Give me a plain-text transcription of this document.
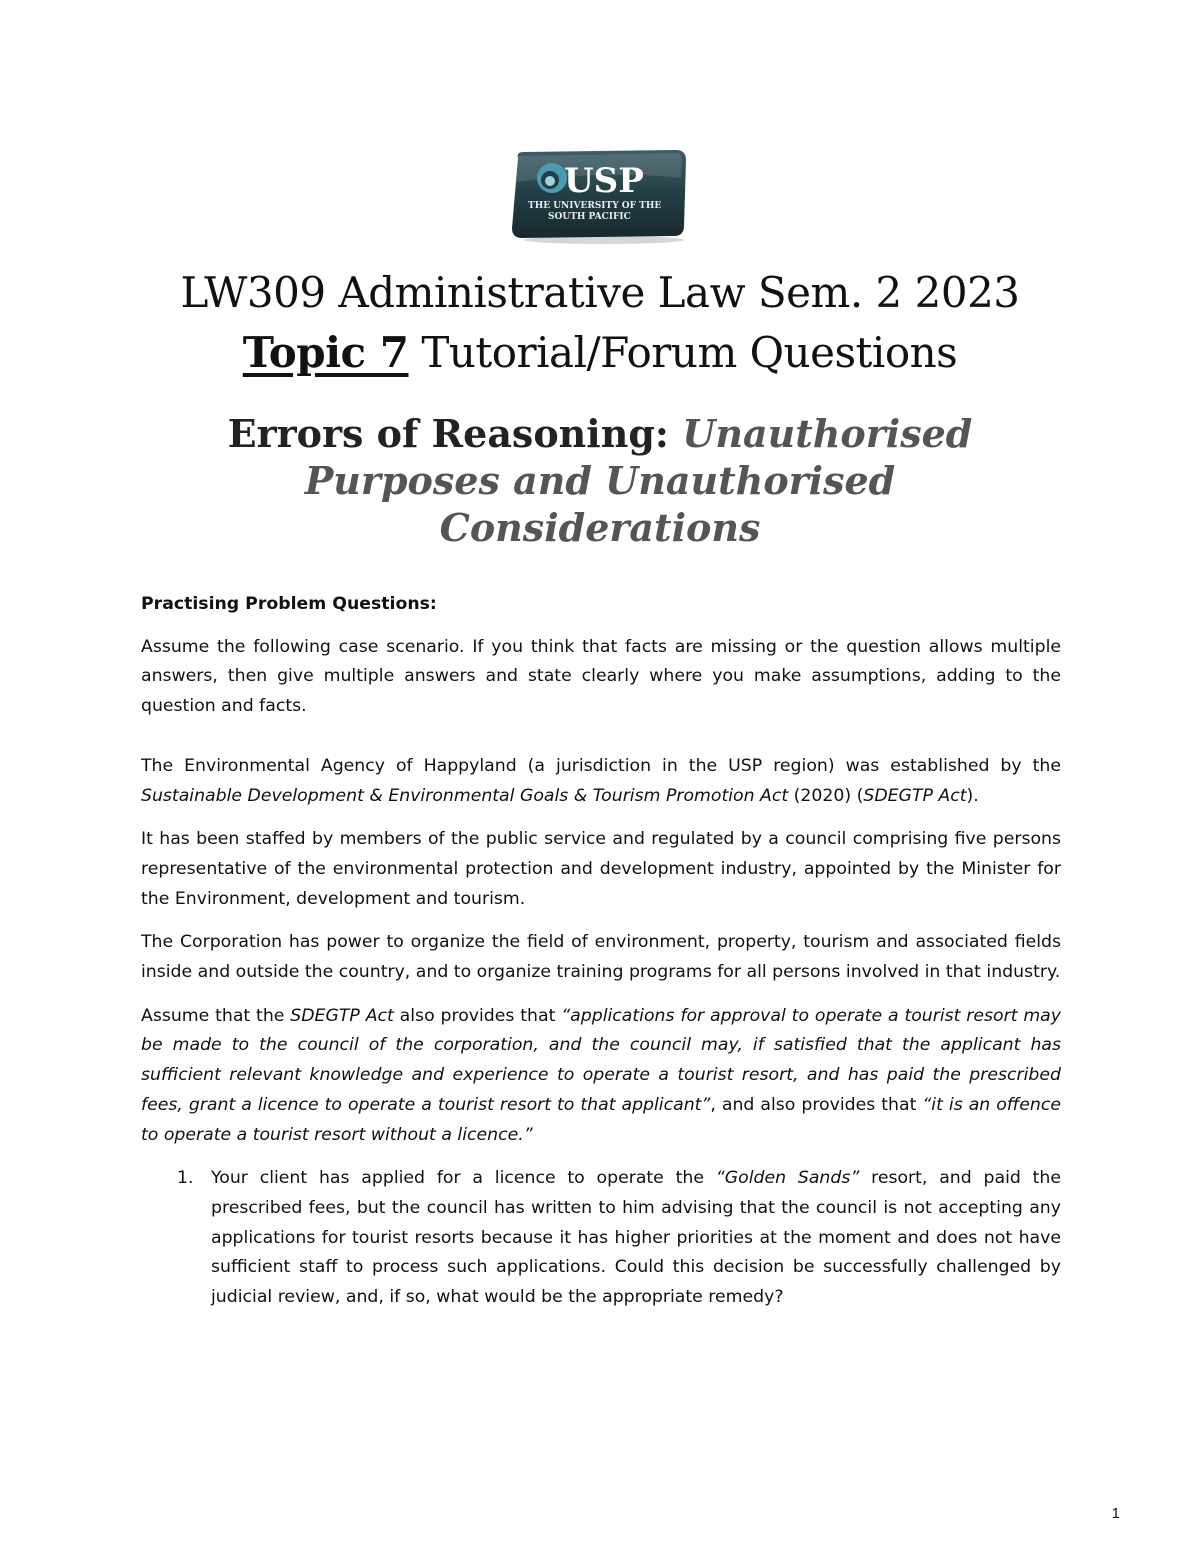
USP
THE UNIVERSITY OF THE
SOUTH PACIFIC
LW309 Administrative Law Sem. 2 2023
Topic 7 Tutorial/Forum Questions
Errors of Reasoning: Unauthorised
Purposes and Unauthorised
Considerations

Practising Problem Questions:

Assume the following case scenario. If you think that facts are missing or the question allows multiple answers, then give multiple answers and state clearly where you make assumptions, adding to the question and facts.

The Environmental Agency of Happyland (a jurisdiction in the USP region) was established by the Sustainable Development & Environmental Goals & Tourism Promotion Act (2020) (SDEGTP Act).

It has been staffed by members of the public service and regulated by a council comprising five persons representative of the environmental protection and development industry, appointed by the Minister for the Environment, development and tourism.

The Corporation has power to organize the field of environment, property, tourism and associated fields inside and outside the country, and to organize training programs for all persons involved in that industry.

Assume that the SDEGTP Act also provides that “applications for approval to operate a tourist resort may be made to the council of the corporation, and the council may, if satisfied that the applicant has sufficient relevant knowledge and experience to operate a tourist resort, and has paid the prescribed fees, grant a licence to operate a tourist resort to that applicant”, and also provides that “it is an offence to operate a tourist resort without a licence.”

1. Your client has applied for a licence to operate the “Golden Sands” resort, and paid the prescribed fees, but the council has written to him advising that the council is not accepting any applications for tourist resorts because it has higher priorities at the moment and does not have sufficient staff to process such applications. Could this decision be successfully challenged by judicial review, and, if so, what would be the appropriate remedy?
1
